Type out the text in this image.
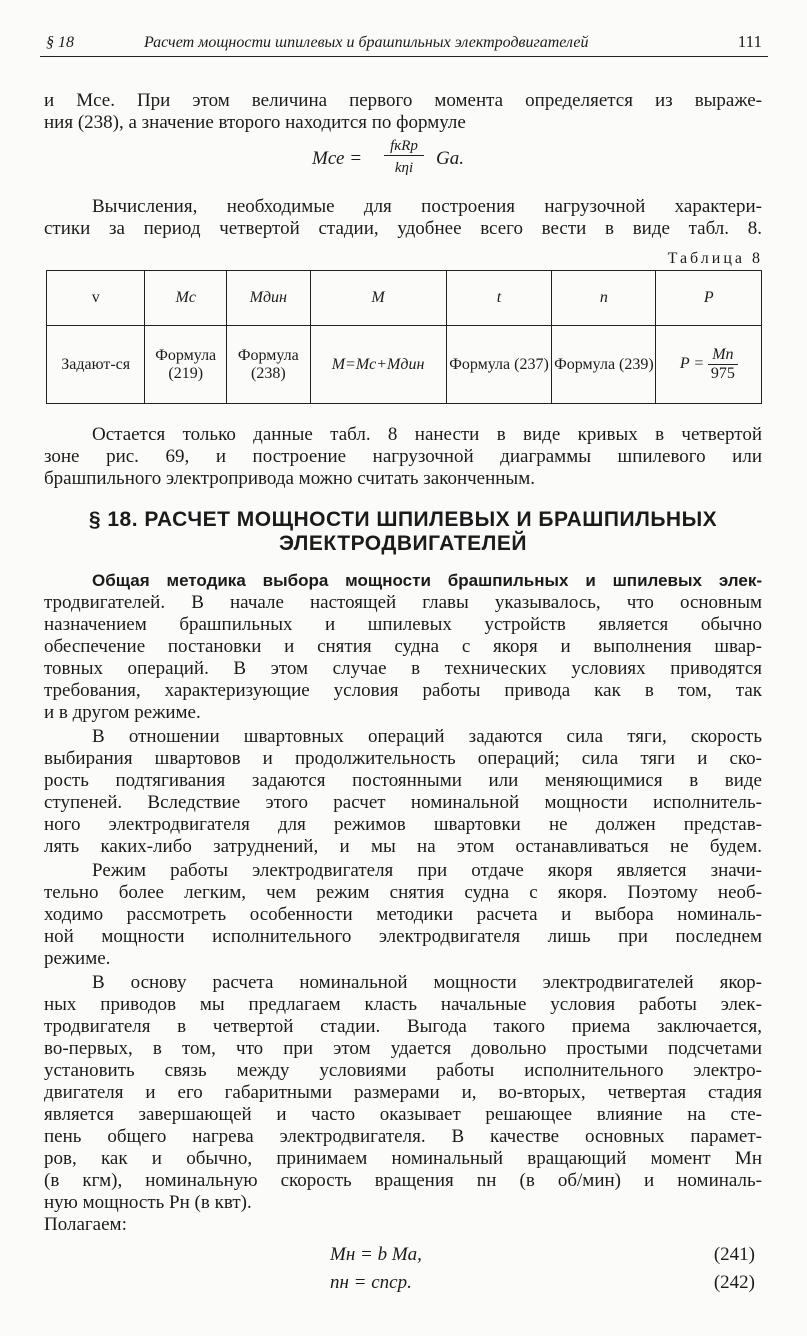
§ 18	Расчет мощности шпилевых и брашпильных электродвигателей	111
и Mсе. При этом величина первого момента определяется из выраже-
ния (238), а значение второго находится по формуле
Mсе =
fкRр
kηi	Ga.
Вычисления, необходимые для построения нагрузочной характери-
стики за период четвертой стадии, удобнее всего вести в виде табл. 8.
Таблица 8
v	Mc	Mдин	M	t	n	P
Задают-ся	Формула (219)	Формула (238)	M=Mc+Mдин	Формула (237)	Формула (239)	$P = \frac{Mn}{975}$
Остается только данные табл. 8 нанести в виде кривых в четвертой
зоне рис. 69, и построение нагрузочной диаграммы шпилевого или
брашпильного электропривода можно считать законченным.
§ 18. РАСЧЕТ МОЩНОСТИ ШПИЛЕВЫХ И БРАШПИЛЬНЫХ
ЭЛЕКТРОДВИГАТЕЛЕЙ
Общая методика выбора мощности брашпильных и шпилевых элек-
тродвигателей. В начале настоящей главы указывалось, что основным
назначением брашпильных и шпилевых устройств является обычно
обеспечение постановки и снятия судна с якоря и выполнения швар-
товных операций. В этом случае в технических условиях приводятся
требования, характеризующие условия работы привода как в том, так
и в другом режиме.
В отношении швартовных операций задаются сила тяги, скорость
выбирания швартовов и продолжительность операций; сила тяги и ско-
рость подтягивания задаются постоянными или меняющимися в виде
ступеней. Вследствие этого расчет номинальной мощности исполнитель-
ного электродвигателя для режимов швартовки не должен представ-
лять каких-либо затруднений, и мы на этом останавливаться не будем.
Режим работы электродвигателя при отдаче якоря является значи-
тельно более легким, чем режим снятия судна с якоря. Поэтому необ-
ходимо рассмотреть особенности методики расчета и выбора номиналь-
ной мощности исполнительного электродвигателя лишь при последнем
режиме.
В основу расчета номинальной мощности электродвигателей якор-
ных приводов мы предлагаем класть начальные условия работы элек-
тродвигателя в четвертой стадии. Выгода такого приема заключается,
во-первых, в том, что при этом удается довольно простыми подсчетами
установить связь между условиями работы исполнительного электро-
двигателя и его габаритными размерами и, во-вторых, четвертая стадия
является завершающей и часто оказывает решающее влияние на сте-
пень общего нагрева электродвигателя. В качестве основных парамет-
ров, как и обычно, принимаем номинальный вращающий момент Mн
(в кгм), номинальную скорость вращения nн (в об/мин) и номиналь-
ную мощность Pн (в квт).
Полагаем:
Mн = b Ma,	(241)
nн = cnср.	(242)
